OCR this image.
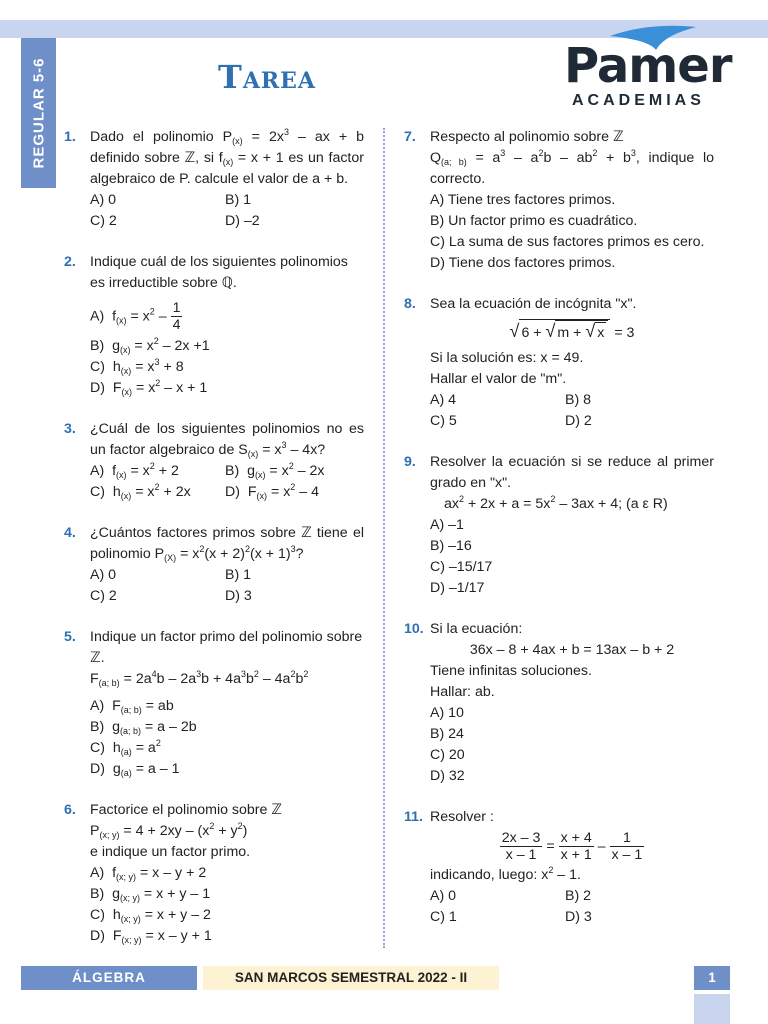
REGULAR 5-6	Tarea	Pamer
ACADEMIAS
1. Dado el polinomio $P_{(x)} = 2x^3$ – ax + b definido sobre ℤ, si $f_{(x)} = x + 1$ es un factor algebraico de P. calcule el valor de a + b.

A) 0	B) 1
C) 2	D) –2
2. Indique cuál de los siguientes polinomios es irreductible sobre ℚ.

A)  $f_{(x)} = x^2 - \frac{1}{4}$

B)  $g_{(x)} = x^2 - 2x +1$

C)  $h_{(x)} = x^3 + 8$

D)  $F_{(x)} = x^2 - x + 1$

3. ¿Cuál de los siguientes polinomios no es un factor algebraico de $S_{(x)} = x^3 - 4x$?

A)  $f_{(x)} = x^2 + 2$	B)  $g_{(x)} = x^2 - 2x$
C)  $h_{(x)} = x^2 + 2x$	D)  $F_{(x)} = x^2 - 4$
4. ¿Cuántos factores primos sobre ℤ tiene el polinomio $P_{(X)} = x^2(x + 2)^2(x + 1)^3$?

A) 0	B) 1
C) 2	D) 3
5. Indique un factor primo del polinomio sobre ℤ.

$F_{(a; b)} = 2a^4b - 2a^3b + 4a^3b^2 - 4a^2b^2$

A)  $F_{(a; b)}$ = ab

B)  $g_{(a; b)} = a - 2b$

C)  $h_{(a)} = a^2$

D)  $g_{(a)} = a - 1$

6. Factorice el polinomio sobre ℤ

$P_{(x; y)} = 4 + 2xy - (x^2 + y^2)$

e indique un factor primo.

A)  $f_{(x; y)} = x - y + 2$

B)  $g_{(x; y)} = x + y - 1$

C)  $h_{(x; y)} = x + y - 2$

D)  $F_{(x; y)} = x - y + 1$

7. Respecto al polinomio sobre ℤ

$Q_{(a; b)} = a^3 - a^2b - ab^2 + b^3$, indique lo correcto.

A) Tiene tres factores primos.

B) Un factor primo es cuadrático.

C) La suma de sus factores primos es cero.

D) Tiene dos factores primos.

8. Sea la ecuación de incógnita "x".

√ 6 + √ m + √ x = 3

Si la solución es: x = 49.

Hallar el valor de "m".

A) 4	B) 8
C) 5	D) 2
9. Resolver la ecuación si se reduce al primer grado en "x".

$ax^2 + 2x + a = 5x^2 - 3ax + 4$; (a ε R)

A) –1

B) –16

C) –15/17

D) –1/17

10. Si la ecuación:

36x – 8 + 4ax + b = 13ax – b + 2

Tiene infinitas soluciones.

Hallar: ab.

A) 10

B) 24

C) 20

D) 32

11. Resolver :

$\frac{2x - 3}{x - 1} = \frac{x + 4}{x + 1} - \frac{1}{x - 1}$

indicando, luego: $x^2 - 1$.

A) 0	B) 2
C) 1	D) 3
ÁLGEBRA	SAN MARCOS SEMESTRAL 2022 - II	1
